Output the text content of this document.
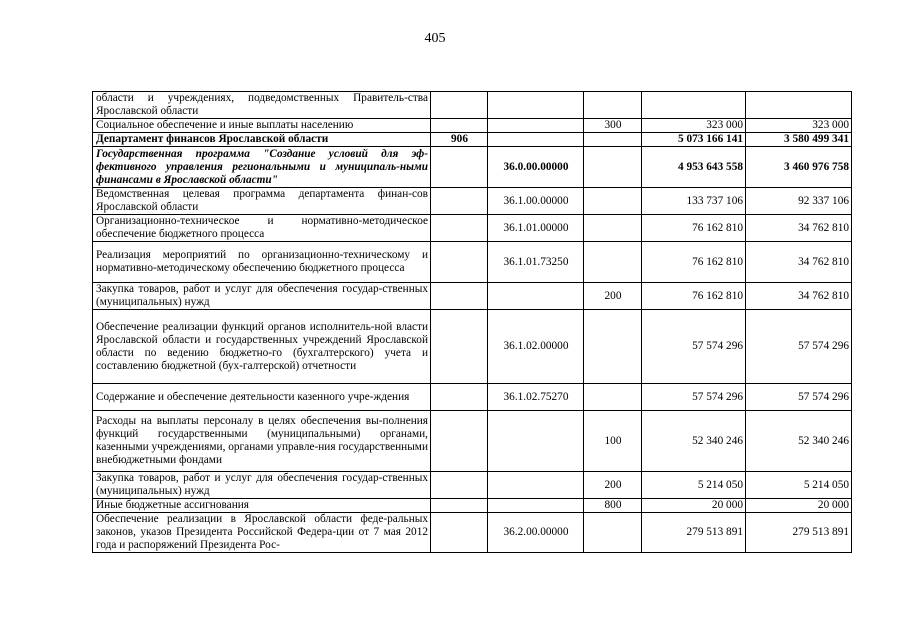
405
области и учреждениях, подведомственных Правитель-ства Ярославской области					
Социальное обеспечение и иные выплаты населению			300	323 000	323 000
Департамент финансов Ярославской области	906			5 073 166 141	3 580 499 341
Государственная программа "Создание условий для эф-фективного управления региональными и муниципаль-ными финансами в Ярославской области"		36.0.00.00000		4 953 643 558	3 460 976 758
Ведомственная целевая программа департамента финан-сов Ярославской области		36.1.00.00000		133 737 106	92 337 106
Организационно-техническое и нормативно-методическое обеспечение бюджетного процесса		36.1.01.00000		76 162 810	34 762 810
Реализация мероприятий по организационно-техническому и нормативно-методическому обеспечению бюджетного процесса		36.1.01.73250		76 162 810	34 762 810
Закупка товаров, работ и услуг для обеспечения государ-ственных (муниципальных) нужд			200	76 162 810	34 762 810
Обеспечение реализации функций органов исполнитель-ной власти Ярославской области и государственных учреждений Ярославской области по ведению бюджетно-го (бухгалтерского) учета и составлению бюджетной (бух-галтерской) отчетности		36.1.02.00000		57 574 296	57 574 296
Содержание и обеспечение деятельности казенного учре-ждения		36.1.02.75270		57 574 296	57 574 296
Расходы на выплаты персоналу в целях обеспечения вы-полнения функций государственными (муниципальными) органами, казенными учреждениями, органами управле-ния государственными внебюджетными фондами			100	52 340 246	52 340 246
Закупка товаров, работ и услуг для обеспечения государ-ственных (муниципальных) нужд			200	5 214 050	5 214 050
Иные бюджетные ассигнования			800	20 000	20 000
Обеспечение реализации в Ярославской области феде-ральных законов, указов Президента Российской Федера-ции от 7 мая 2012 года и распоряжений Президента Рос-		36.2.00.00000		279 513 891	279 513 891
